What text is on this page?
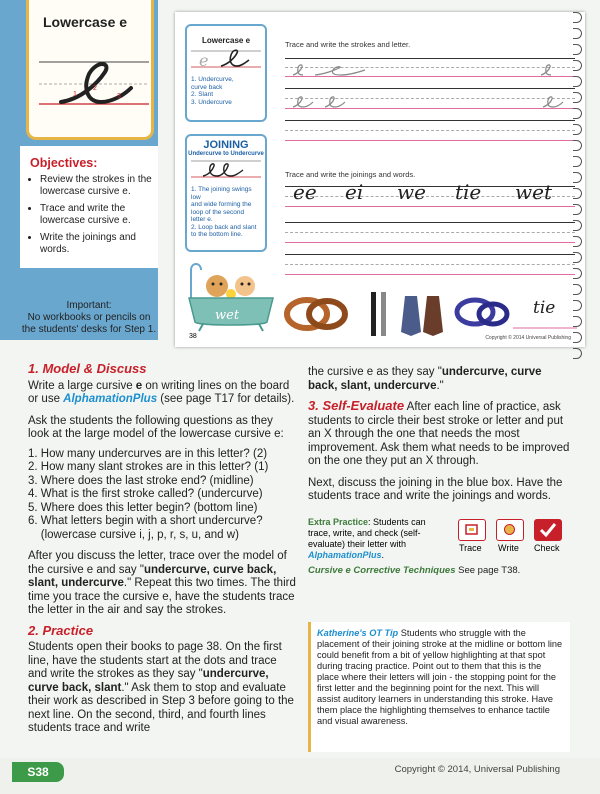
Lowercase e
1
2
3
Objectives:
• Review the strokes in the lowercase cursive e.
• Trace and write the lowercase cursive e.
• Write the joinings and words.
Important:
No workbooks or pencils on
the students' desks for Step 1.
Lowercase e
e
1. Undercurve,
curve back
2. Slant
3. Undercurve
JOINING
Undercurve to Undercurve
1. The joining swings low
and wide forming the
loop of the second
letter e.
2. Loop back and slant
to the bottom line.
Trace and write the strokes and letter.
Trace and write the joinings and words.
ee ei we tie wet
wet	tie
38	Copyright © 2014 Universal Publishing
1. Model & Discuss
Write a large cursive e on writing lines on the board or use AlphamationPlus (see page T17 for details).
Ask the students the following questions as they look at the large model of the lowercase cursive e:
1. How many undercurves are in this letter? (2)
2. How many slant strokes are in this letter? (1)
3. Where does the last stroke end? (midline)
4. What is the first stroke called? (undercurve)
5. Where does this letter begin? (bottom line)
6. What letters begin with a short undercurve?
(lowercase cursive i, j, p, r, s, u, and w)
After you discuss the letter, trace over the model of the cursive e and say "undercurve, curve back, slant, undercurve." Repeat this two times. The third time you trace the cursive e, have the students trace the letter in the air and say the strokes.
2. Practice
Students open their books to page 38. On the first line, have the students start at the dots and trace and write the strokes as they say "undercurve, curve back, slant." Ask them to stop and evaluate their work as described in Step 3 before going to the next line. On the second, third, and fourth lines students trace and write
the cursive e as they say "undercurve, curve back, slant, undercurve."
3. Self-Evaluate After each line of practice, ask students to circle their best stroke or letter and put an X through the one that needs the most improvement. Ask them what needs to be improved on the one they put an X through.
Next, discuss the joining in the blue box. Have the students trace and write the joinings and words.
Extra Practice: Students can trace, write, and check (self-evaluate) their letter with AlphamationPlus.
Trace Write Check
Cursive e Corrective Techniques See page T38.
Katherine's OT Tip Students who struggle with the placement of their joining stroke at the midline or bottom line could benefit from a bit of yellow highlighting at that spot during tracing practice. Point out to them that this is the place where their letters will join - the stopping point for the first letter and the beginning point for the next. This will assist auditory learners in understanding this stroke. Have them place the highlighting themselves to enhance tactile and visual awareness.
S38	Copyright © 2014, Universal Publishing
